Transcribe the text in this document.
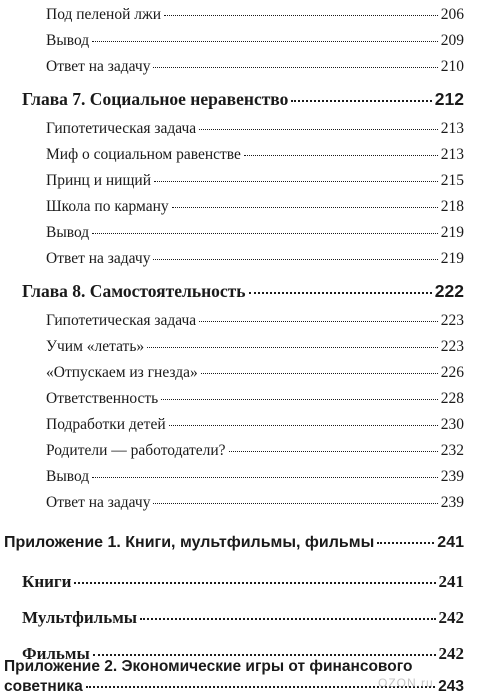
Под пеленой лжи	206
Вывод	209
Ответ на задачу	210
Глава 7. Социальное неравенство	212
Гипотетическая задача	213
Миф о социальном равенстве	213
Принц и нищий	215
Школа по карману	218
Вывод	219
Ответ на задачу	219
Глава 8. Самостоятельность	222
Гипотетическая задача	223
Учим «летать»	223
«Отпускаем из гнезда»	226
Ответственность	228
Подработки детей	230
Родители — работодатели?	232
Вывод	239
Ответ на задачу	239
Приложение 1. Книги, мультфильмы, фильмы	241
Книги	241
Мультфильмы	242
Фильмы	242
Приложение 2. Экономические игры от финансового
советника	243
OZON.ru
